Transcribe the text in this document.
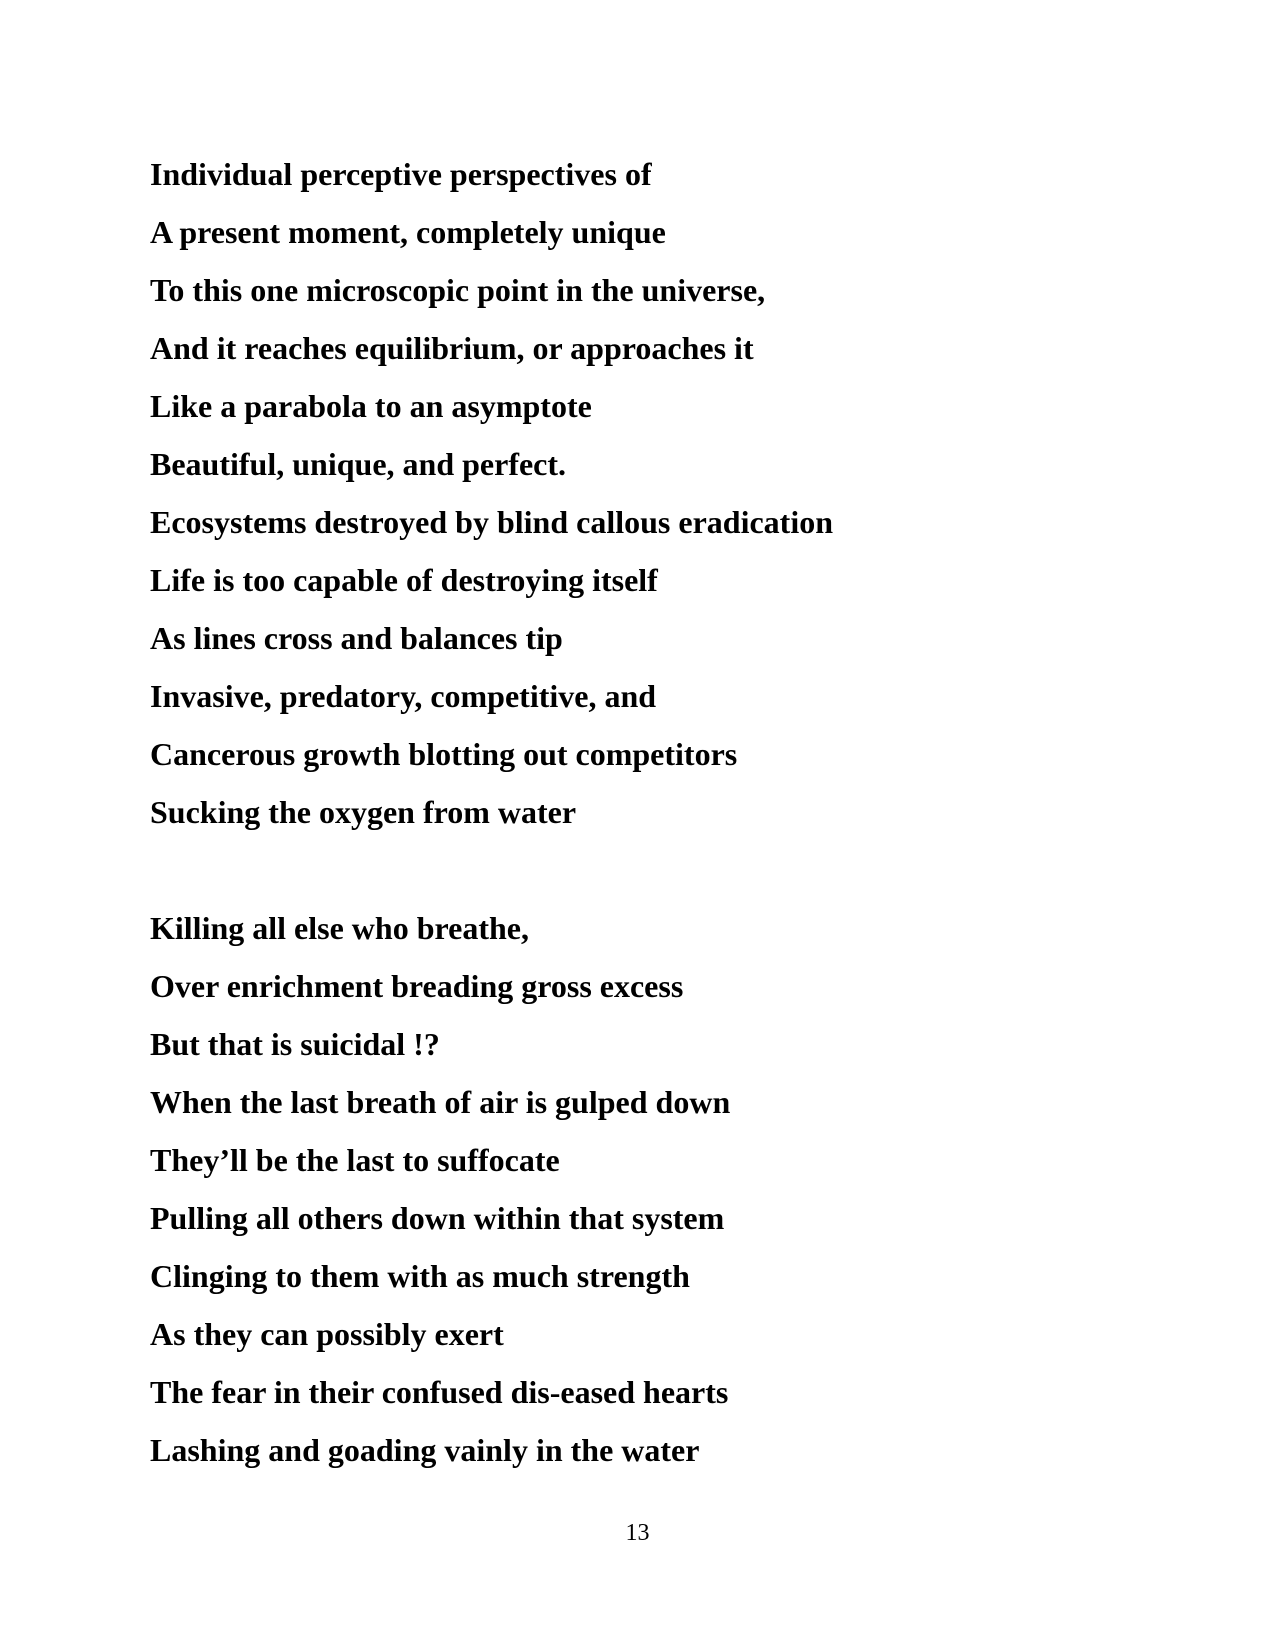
Individual perceptive perspectives of
A present moment, completely unique
To this one microscopic point in the universe,
And it reaches equilibrium, or approaches it
Like a parabola to an asymptote
Beautiful, unique, and perfect.
Ecosystems destroyed by blind callous eradication
Life is too capable of destroying itself
As lines cross and balances tip
Invasive, predatory, competitive, and
Cancerous growth blotting out competitors
Sucking the oxygen from water
Killing all else who breathe,
Over enrichment breading gross excess
But that is suicidal !?
When the last breath of air is gulped down
They’ll be the last to suffocate
Pulling all others down within that system
Clinging to them with as much strength
As they can possibly exert
The fear in their confused dis-eased hearts
Lashing and goading vainly in the water
13
